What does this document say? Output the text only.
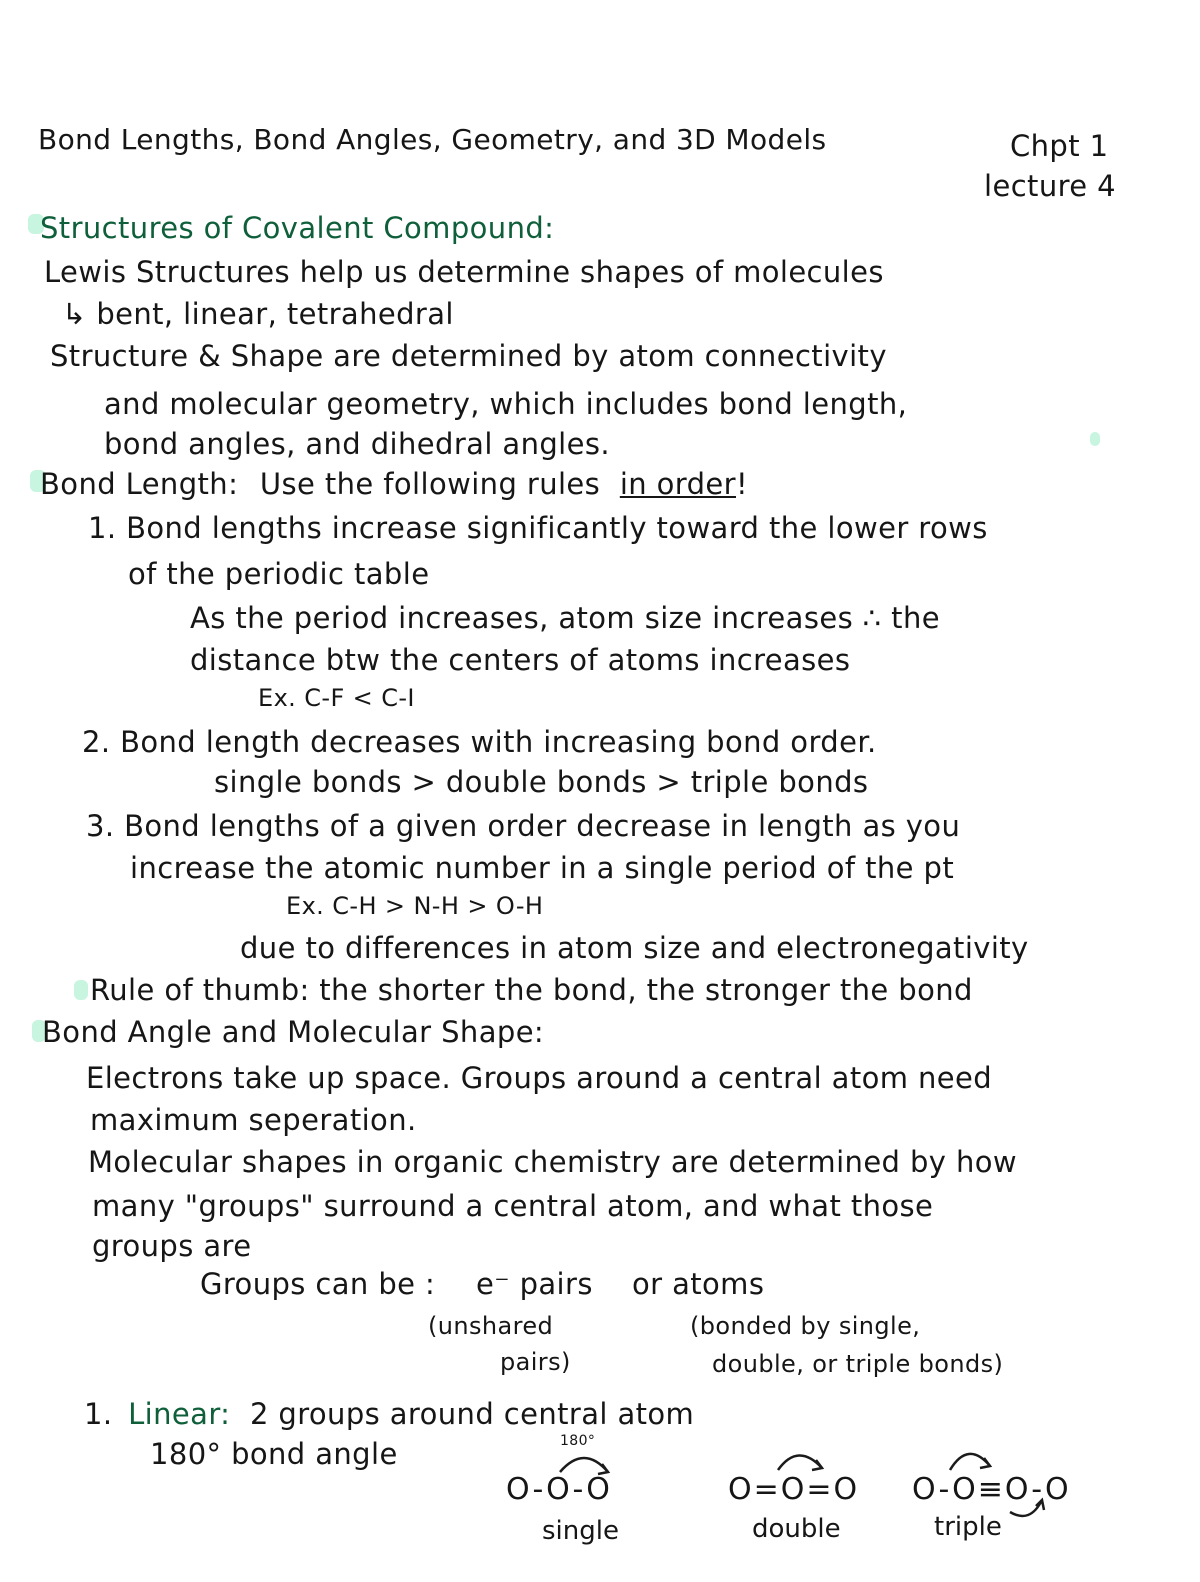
Bond Lengths, Bond Angles, Geometry, and 3D Models	Chpt 1
lecture 4
Structures of Covalent Compound:
Lewis Structures help us determine shapes of molecules
↳ bent, linear, tetrahedral
Structure & Shape are determined by atom connectivity
and molecular geometry, which includes bond length,
bond angles, and dihedral angles.
Bond Length: Use the following rules in order!
1. Bond lengths increase significantly toward the lower rows
of the periodic table
As the period increases, atom size increases ∴ the
distance btw the centers of atoms increases
Ex. C-F < C-I
2. Bond length decreases with increasing bond order.
single bonds > double bonds > triple bonds
3. Bond lengths of a given order decrease in length as you
increase the atomic number in a single period of the pt
Ex. C-H > N-H > O-H
due to differences in atom size and electronegativity
Rule of thumb: the shorter the bond, the stronger the bond
Bond Angle and Molecular Shape:
Electrons take up space. Groups around a central atom need
maximum seperation.
Molecular shapes in organic chemistry are determined by how
many "groups" surround a central atom, and what those
groups are
Groups can be : e⁻ pairs or atoms
(unshared
pairs)
(bonded by single,
double, or triple bonds)
1. Linear: 2 groups around central atom
180° bond angle	180°
O-O-O	O=O=O O-O≡O-O
single	double	triple
